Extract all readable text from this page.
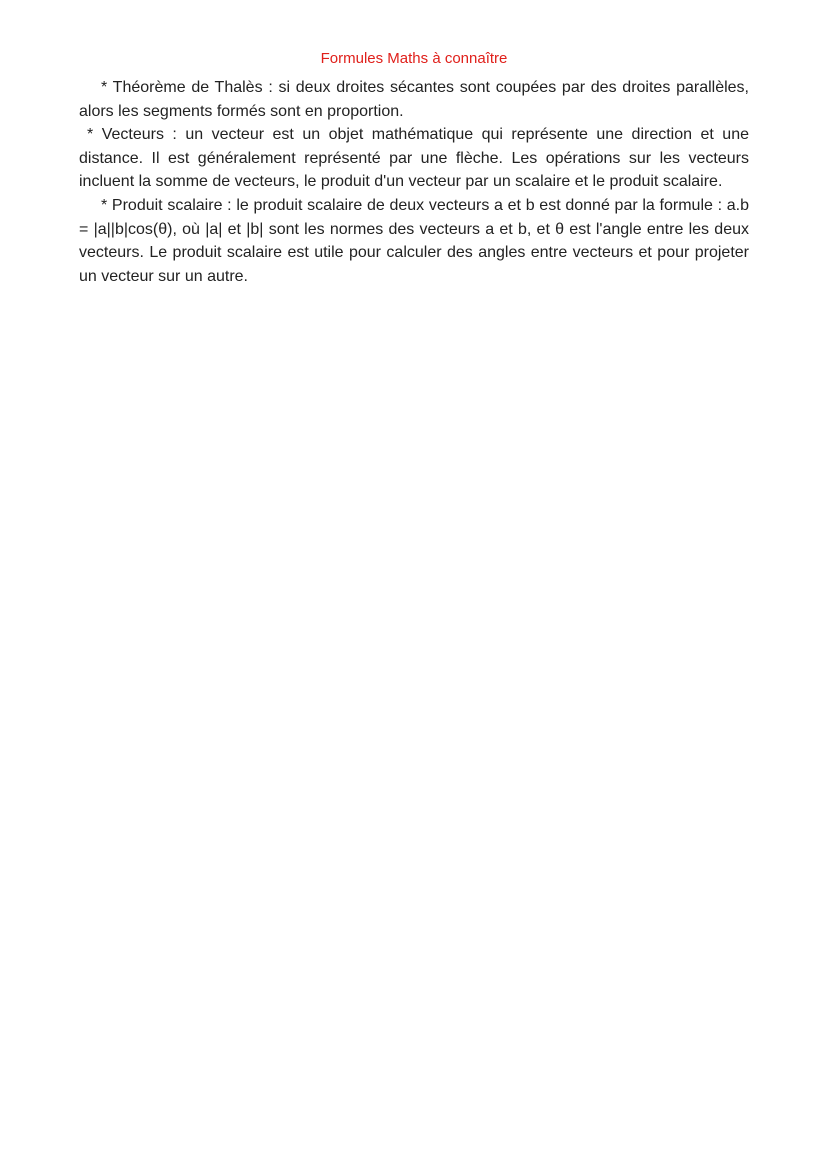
Formules Maths à connaître

* Théorème de Thalès : si deux droites sécantes sont coupées par des droites parallèles, alors les segments formés sont en proportion.

* Vecteurs : un vecteur est un objet mathématique qui représente une direction et une distance. Il est généralement représenté par une flèche. Les opérations sur les vecteurs incluent la somme de vecteurs, le produit d'un vecteur par un scalaire et le produit scalaire.

* Produit scalaire : le produit scalaire de deux vecteurs a et b est donné par la formule : a.b = |a||b|cos(θ), où |a| et |b| sont les normes des vecteurs a et b, et θ est l'angle entre les deux vecteurs. Le produit scalaire est utile pour calculer des angles entre vecteurs et pour projeter un vecteur sur un autre.
